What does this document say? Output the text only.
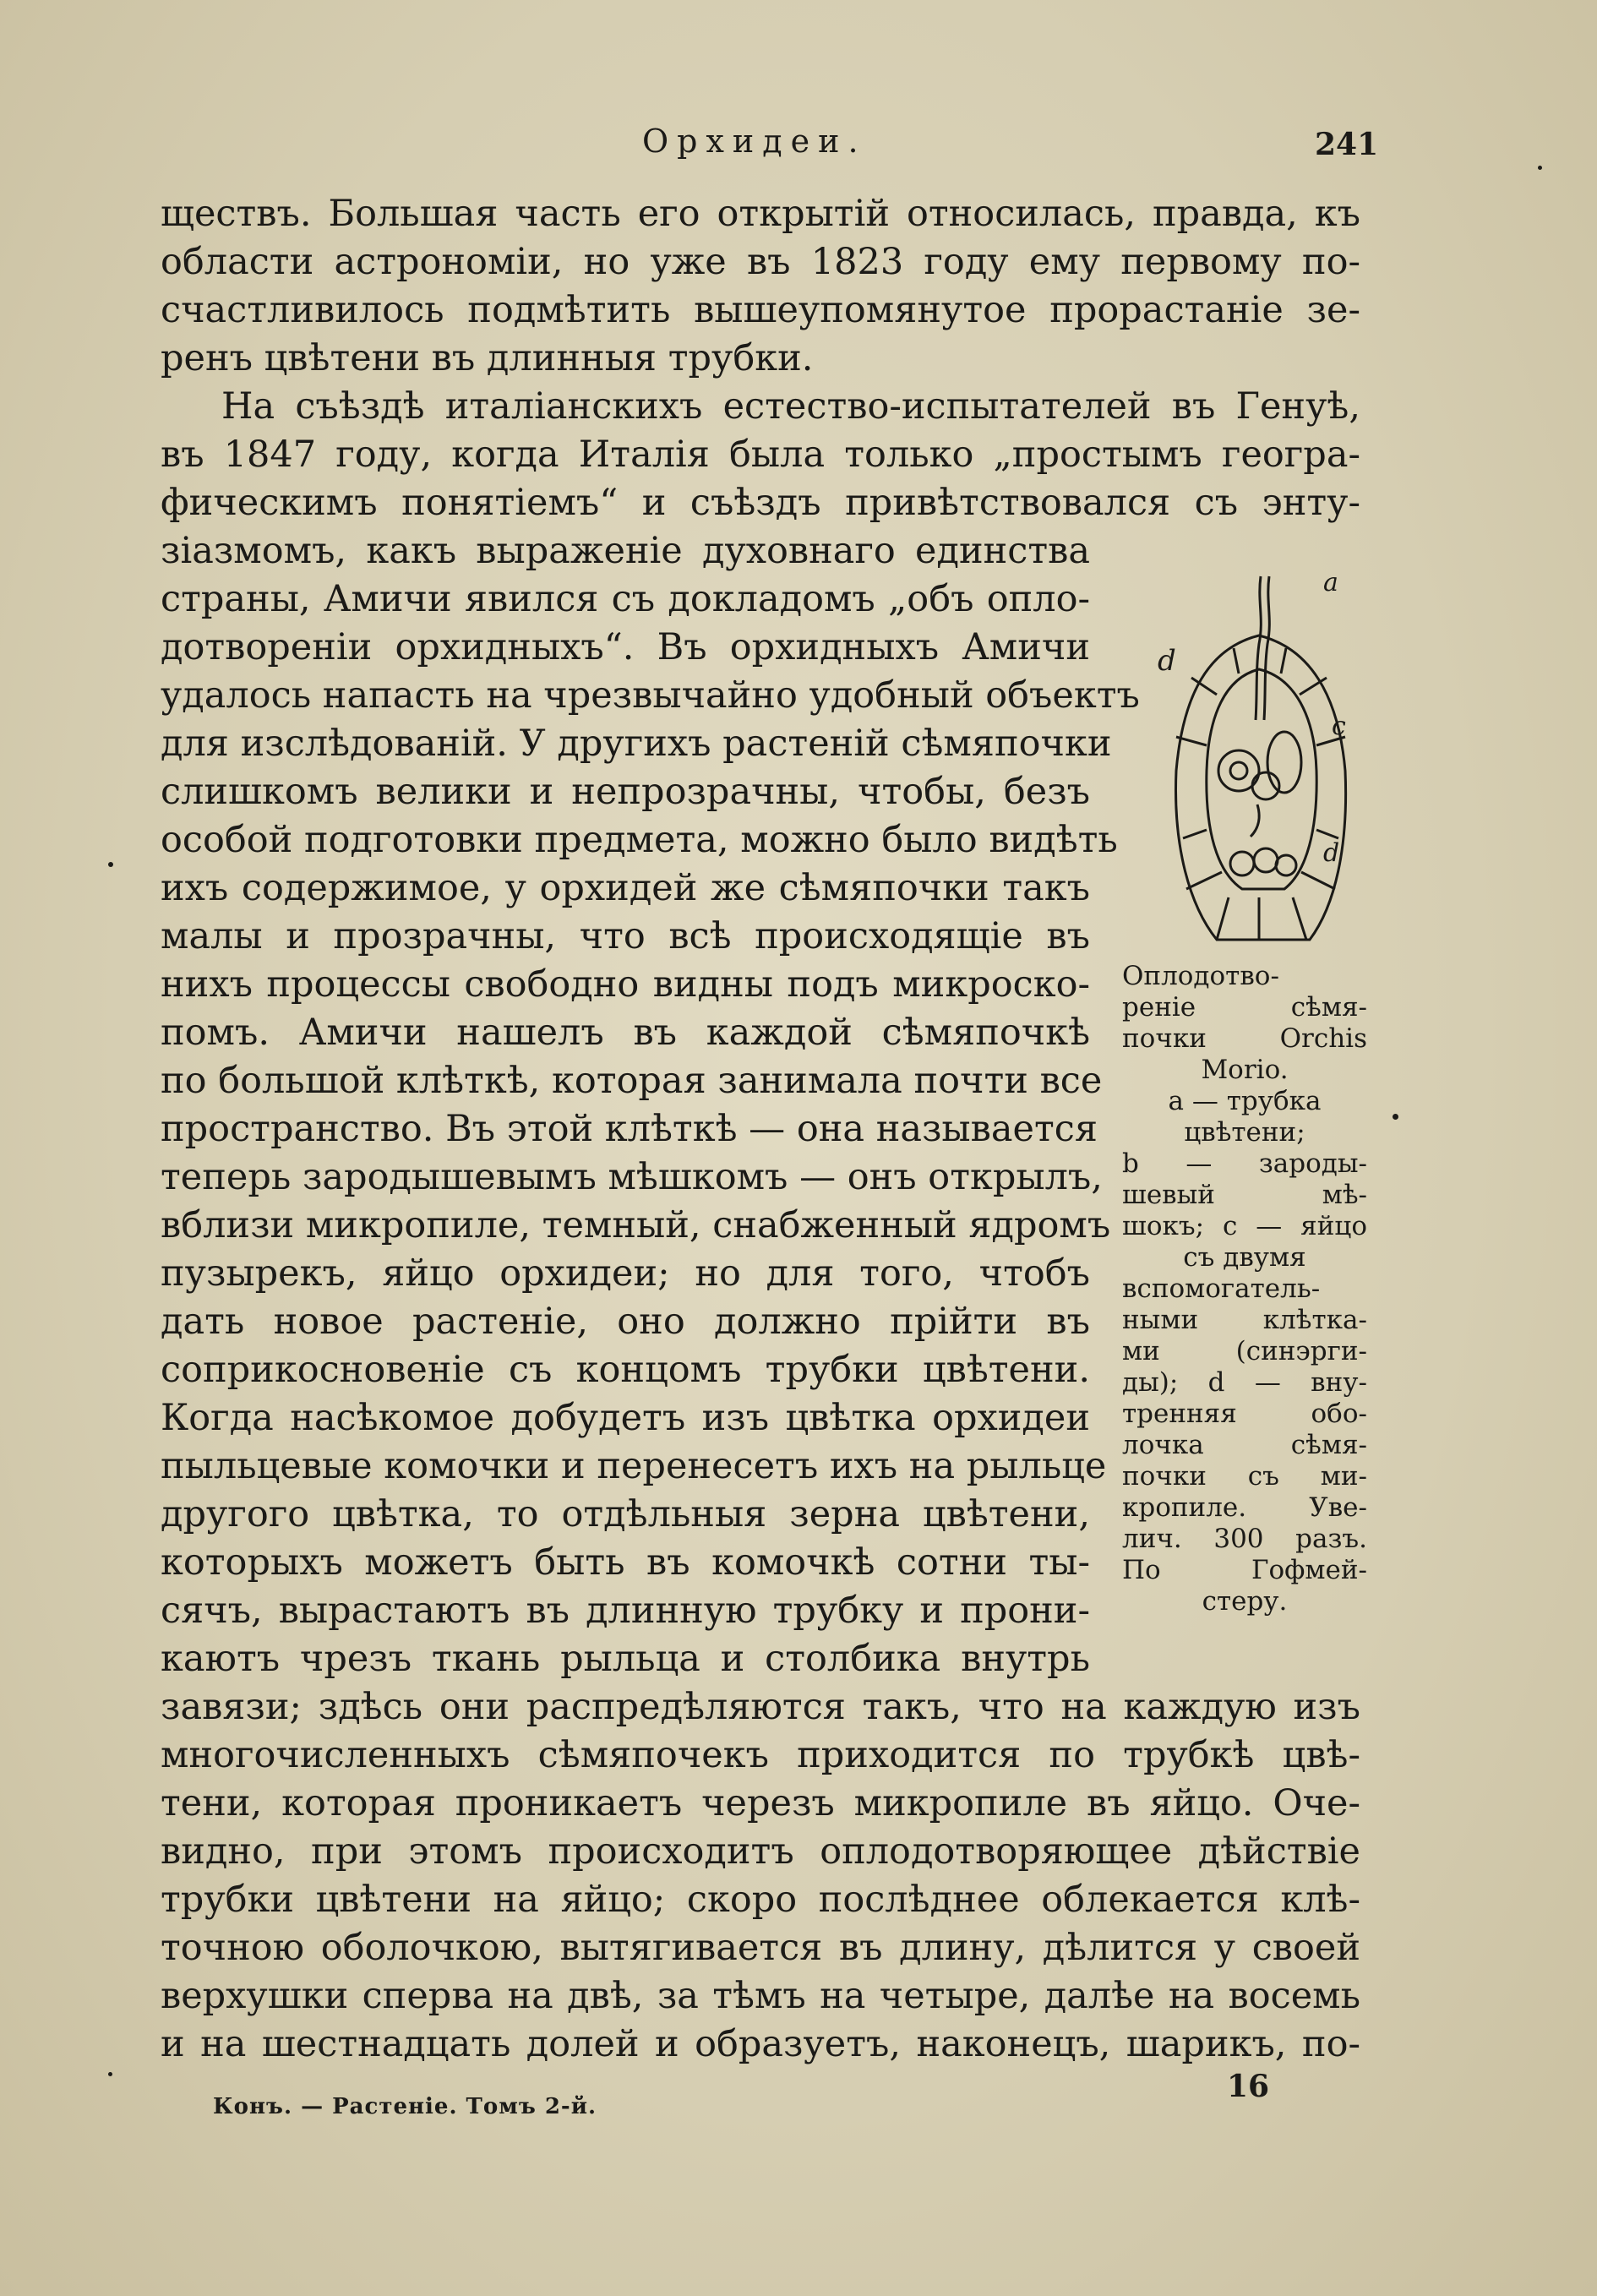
Орхидеи.	241
ществъ. Большая часть его открытій относилась, правда, къ
области астрономіи, но уже въ 1823 году ему первому по-
счастливилось подмѣтить вышеупомянутое прорастаніе зе-
ренъ цвѣтени въ длинныя трубки.
На съѣздѣ италіанскихъ естество-испытателей въ Генуѣ,
въ 1847 году, когда Италія была только „простымъ геогра-
фическимъ понятіемъ“ и съѣздъ привѣтствовался съ энту-
зіазмомъ, какъ выраженіе духовнаго единства
страны, Амичи явился съ докладомъ „объ опло-
дотвореніи орхидныхъ“. Въ орхидныхъ Амичи
удалось напасть на чрезвычайно удобный объектъ
для изслѣдованій. У другихъ растеній сѣмяпочки
слишкомъ велики и непрозрачны, чтобы, безъ
особой подготовки предмета, можно было видѣть
ихъ содержимое, у орхидей же сѣмяпочки такъ
малы и прозрачны, что всѣ происходящіе въ
нихъ процессы свободно видны подъ микроско-
помъ. Амичи нашелъ въ каждой сѣмяпочкѣ
по большой клѣткѣ, которая занимала почти все
пространство. Въ этой клѣткѣ — она называется
теперь зародышевымъ мѣшкомъ — онъ открылъ,
вблизи микропиле, темный, снабженный ядромъ
пузырекъ, яйцо орхидеи; но для того, чтобъ
дать новое растеніе, оно должно прійти въ
соприкосновеніе съ концомъ трубки цвѣтени.
Когда насѣкомое добудетъ изъ цвѣтка орхидеи
пыльцевые комочки и перенесетъ ихъ на рыльце
другого цвѣтка, то отдѣльныя зерна цвѣтени,
которыхъ можетъ быть въ комочкѣ сотни ты-
сячъ, вырастаютъ въ длинную трубку и прони-
каютъ чрезъ ткань рыльца и столбика внутрь
завязи; здѣсь они распредѣляются такъ, что на каждую изъ
многочисленныхъ сѣмяпочекъ приходится по трубкѣ цвѣ-
тени, которая проникаетъ черезъ микропиле въ яйцо. Оче-
видно, при этомъ происходитъ оплодотворяющее дѣйствіе
трубки цвѣтени на яйцо; скоро послѣднее облекается клѣ-
точною оболочкою, вытягивается въ длину, дѣлится у своей
верхушки сперва на двѣ, за тѣмъ на четыре, далѣе на восемь
и на шестнадцать долей и образуетъ, наконецъ, шарикъ, по-
a
d
c
d
Оплодотво-
реніе сѣмя-
почки Orchis
Morio.
a — трубка
цвѣтени;
b — зароды-
шевый мѣ-
шокъ; c — яйцо
съ двумя
вспомогатель-
ными клѣтка-
ми (синэрги-
ды); d — вну-
тренняя обо-
лочка сѣмя-
почки съ ми-
кропиле. Уве-
лич. 300 разъ.
По Гофмей-
стеру.
Конъ. — Растеніе. Томъ 2-й.
16
